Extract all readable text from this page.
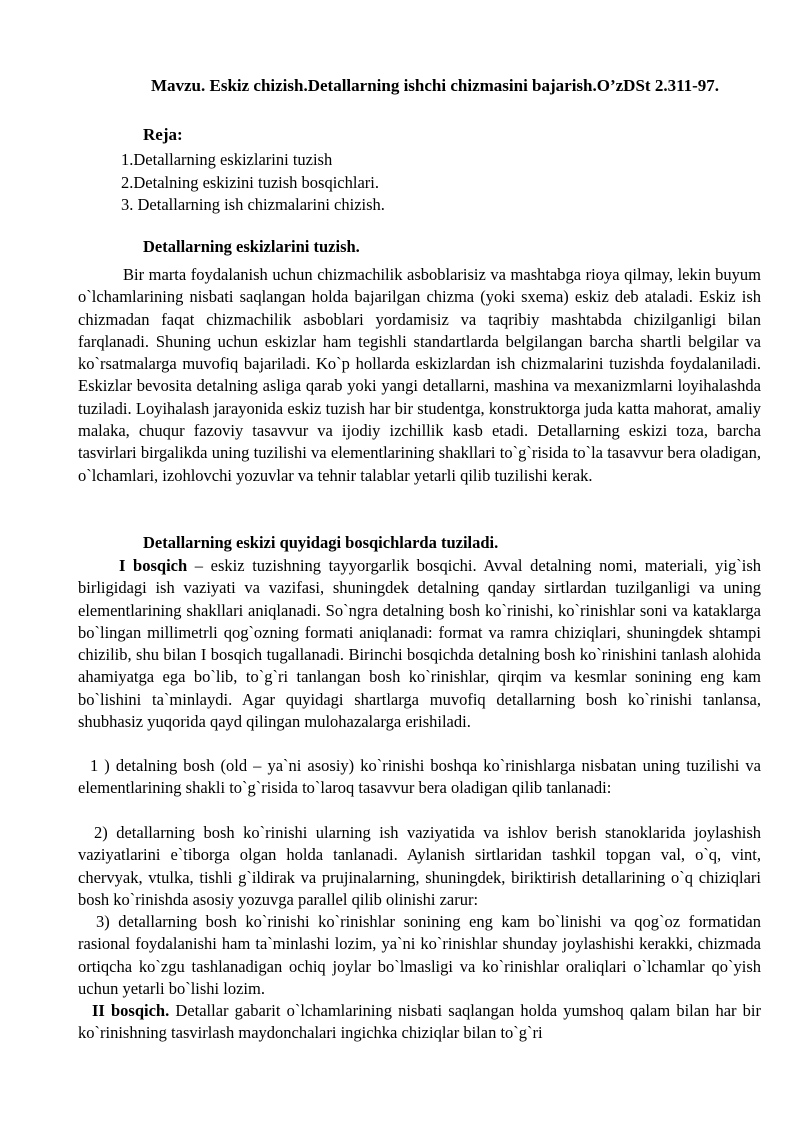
Mavzu. Eskiz chizish.Detallarning ishchi chizmasini bajarish.O’zDSt 2.311-97.
Reja:
1.Detallarning eskizlarini tuzish
2.Detalning eskizini tuzish bosqichlari.
3. Detallarning ish chizmalarini chizish.
Detallarning eskizlarini tuzish.
Bir marta foydalanish uchun chizmachilik asboblarisiz va mashtabga rioya qilmay, lekin buyum o`lchamlarining nisbati saqlangan holda bajarilgan chizma (yoki sxema) eskiz deb ataladi. Eskiz ish chizmadan faqat chizmachilik asboblari yordamisiz va taqribiy mashtabda chizilganligi bilan farqlanadi. Shuning uchun eskizlar ham tegishli standartlarda belgilangan barcha shartli belgilar va ko`rsatmalarga muvofiq bajariladi. Ko`p hollarda eskizlardan ish chizmalarini tuzishda foydalaniladi. Eskizlar bevosita detalning asliga qarab yoki yangi detallarni, mashina va mexanizmlarni loyihalashda tuziladi. Loyihalash jarayonida eskiz tuzish har bir studentga, konstruktorga juda katta mahorat, amaliy malaka, chuqur fazoviy tasavvur va ijodiy izchillik kasb etadi. Detallarning eskizi toza, barcha tasvirlari birgalikda uning tuzilishi va elementlarining shakllari to`g`risida to`la tasavvur bera oladigan, o`lchamlari, izohlovchi yozuvlar va tehnir talablar yetarli qilib tuzilishi kerak.
Detallarning eskizi quyidagi bosqichlarda tuziladi.
I bosqich – eskiz tuzishning tayyorgarlik bosqichi. Avval detalning nomi, materiali, yig`ish birligidagi ish vaziyati va vazifasi, shuningdek detalning qanday sirtlardan tuzilganligi va uning elementlarining shakllari aniqlanadi. So`ngra detalning bosh ko`rinishi, ko`rinishlar soni va kataklarga bo`lingan millimetrli qog`ozning formati aniqlanadi: format va ramra chiziqlari, shuningdek shtampi chizilib, shu bilan I bosqich tugallanadi. Birinchi bosqichda detalning bosh ko`rinishini tanlash alohida ahamiyatga ega bo`lib, to`g`ri tanlangan bosh ko`rinishlar, qirqim va kesmlar sonining eng kam bo`lishini ta`minlaydi. Agar quyidagi shartlarga muvofiq detallarning bosh ko`rinishi tanlansa, shubhasiz yuqorida qayd qilingan mulohazalarga erishiladi.
1 ) detalning bosh (old – ya`ni asosiy) ko`rinishi boshqa ko`rinishlarga nisbatan uning tuzilishi va elementlarining shakli to`g`risida to`laroq tasavvur bera oladigan qilib tanlanadi:
2) detallarning bosh ko`rinishi ularning ish vaziyatida va ishlov berish stanoklarida joylashish vaziyatlarini e`tiborga olgan holda tanlanadi. Aylanish sirtlaridan tashkil topgan val, o`q, vint, chervyak, vtulka, tishli g`ildirak va prujinalarning, shuningdek, biriktirish detallarining o`q chiziqlari bosh ko`rinishda asosiy yozuvga parallel qilib olinishi zarur:
3) detallarning bosh ko`rinishi ko`rinishlar sonining eng kam bo`linishi va qog`oz formatidan rasional foydalanishi ham ta`minlashi lozim, ya`ni ko`rinishlar shunday joylashishi kerakki, chizmada ortiqcha ko`zgu tashlanadigan ochiq joylar bo`lmasligi va ko`rinishlar oraliqlari o`lchamlar qo`yish uchun yetarli bo`lishi lozim.
II bosqich. Detallar gabarit o`lchamlarining nisbati saqlangan holda yumshoq qalam bilan har bir ko`rinishning tasvirlash maydonchalari ingichka chiziqlar bilan to`g`ri
